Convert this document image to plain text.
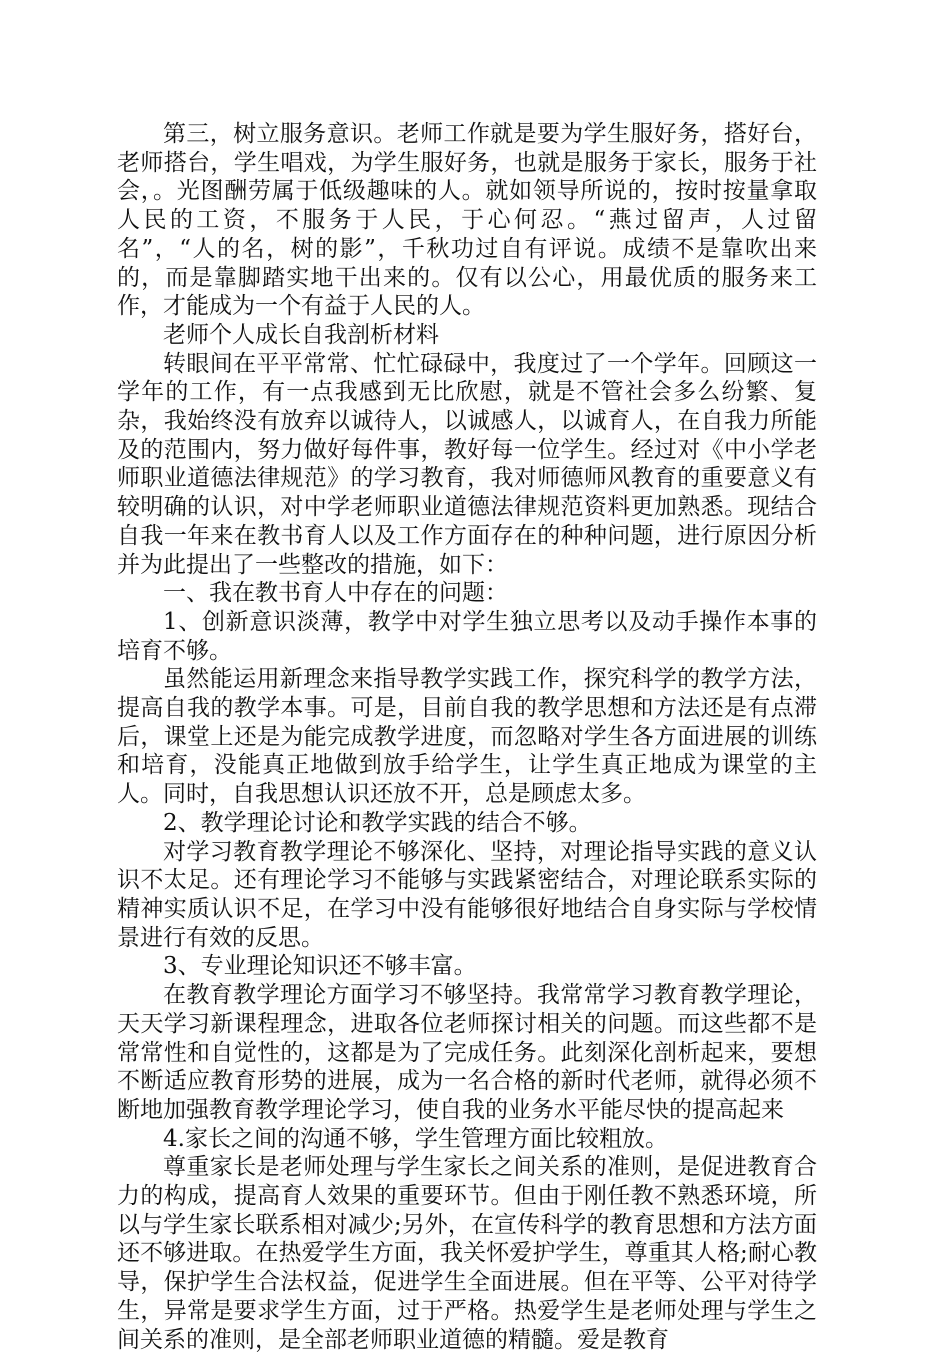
第三，树立服务意识。老师工作就是要为学生服好务，搭好台，老师搭台，学生唱戏，为学生服好务，也就是服务于家长，服务于社会，。光图酬劳属于低级趣味的人。就如领导所说的，按时按量拿取人民的工资，不服务于人民，于心何忍。“燕过留声，人过留名”，“人的名，树的影”，千秋功过自有评说。成绩不是靠吹出来的，而是靠脚踏实地干出来的。仅有以公心，用最优质的服务来工作，才能成为一个有益于人民的人。

老师个人成长自我剖析材料

转眼间在平平常常、忙忙碌碌中，我度过了一个学年。回顾这一学年的工作，有一点我感到无比欣慰，就是不管社会多么纷繁、复杂，我始终没有放弃以诚待人，以诚感人，以诚育人，在自我力所能及的范围内，努力做好每件事，教好每一位学生。经过对《中小学老师职业道德法律规范》的学习教育，我对师德师风教育的重要意义有较明确的认识，对中学老师职业道德法律规范资料更加熟悉。现结合自我一年来在教书育人以及工作方面存在的种种问题，进行原因分析并为此提出了一些整改的措施，如下：

一、我在教书育人中存在的问题：

1、创新意识淡薄，教学中对学生独立思考以及动手操作本事的培育不够。

虽然能运用新理念来指导教学实践工作，探究科学的教学方法，提高自我的教学本事。可是，目前自我的教学思想和方法还是有点滞后，课堂上还是为能完成教学进度，而忽略对学生各方面进展的训练和培育，没能真正地做到放手给学生，让学生真正地成为课堂的主人。同时，自我思想认识还放不开，总是顾虑太多。

2、教学理论讨论和教学实践的结合不够。

对学习教育教学理论不够深化、坚持，对理论指导实践的意义认识不太足。还有理论学习不能够与实践紧密结合，对理论联系实际的精神实质认识不足，在学习中没有能够很好地结合自身实际与学校情景进行有效的反思。

3、专业理论知识还不够丰富。

在教育教学理论方面学习不够坚持。我常常学习教育教学理论，天天学习新课程理念，进取各位老师探讨相关的问题。而这些都不是常常性和自觉性的，这都是为了完成任务。此刻深化剖析起来，要想不断适应教育形势的进展，成为一名合格的新时代老师，就得必须不断地加强教育教学理论学习，使自我的业务水平能尽快的提高起来

4.家长之间的沟通不够，学生管理方面比较粗放。

尊重家长是老师处理与学生家长之间关系的准则，是促进教育合力的构成，提高育人效果的重要环节。但由于刚任教不熟悉环境，所以与学生家长联系相对减少;另外，在宣传科学的教育思想和方法方面还不够进取。在热爱学生方面，我关怀爱护学生，尊重其人格;耐心教导，保护学生合法权益，促进学生全面进展。但在平等、公平对待学生，异常是要求学生方面，过于严格。热爱学生是老师处理与学生之间关系的准则，是全部老师职业道德的精髓。爱是教育
